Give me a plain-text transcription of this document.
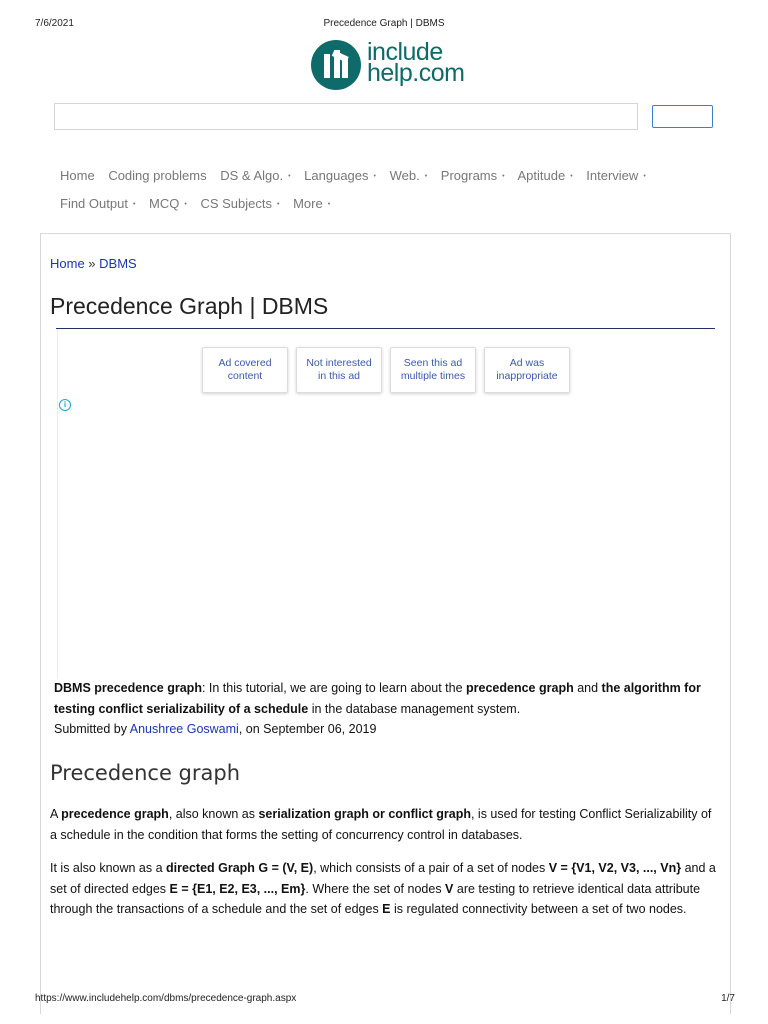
7/6/2021	Precedence Graph | DBMS
include
help.com
Home Coding problems DS & Algo. • Languages • Web. • Programs • Aptitude • Interview •
Find Output • MCQ • CS Subjects • More •
Home » DBMS
Precedence Graph | DBMS
Ad covered content
Not interested in this ad
Seen this ad multiple times
Ad was inappropriate
i
DBMS precedence graph: In this tutorial, we are going to learn about the precedence graph and the algorithm for testing conflict serializability of a schedule in the database management system.
Submitted by Anushree Goswami, on September 06, 2019
Precedence graph

A precedence graph, also known as serialization graph or conflict graph, is used for testing Conflict Serializability of a schedule in the condition that forms the setting of concurrency control in databases.

It is also known as a directed Graph G = (V, E), which consists of a pair of a set of nodes V = {V1, V2, V3, ..., Vn} and a set of directed edges E = {E1, E2, E3, ..., Em}. Where the set of nodes V are testing to retrieve identical data attribute through the transactions of a schedule and the set of edges E is regulated connectivity between a set of two nodes.

https://www.includehelp.com/dbms/precedence-graph.aspx	1/7
